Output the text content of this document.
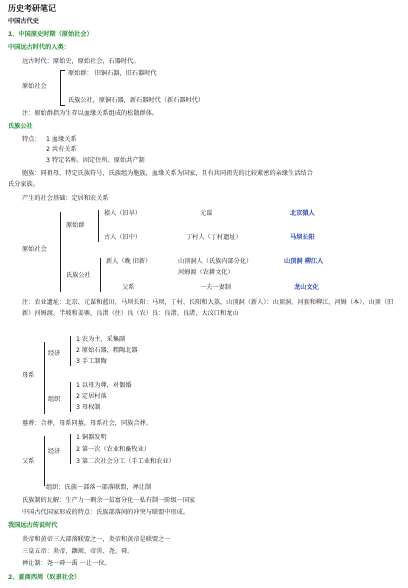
历史考研笔记
中国古代史
1、中国原史时期（原始社会）
中国远古时代的人类：
远古时代：原始史，原始社会，石器时代。
原始社会
原始群： 旧铜石器，旧石器时代
氏族公社，原铜石器，新石器时代（新石器时代）
注：原始群指为生存以血缘关系组成的松散群体。
氏族公社
特点： 1 血缘关系
2 共有关系
3 特定名称、固定住所、原始共产制
胞族：同祖母，特定氏族符号，氏族组为胞族，血缘关系为国家，且有共同祖先的比较紧密的亲缘生活结合
氏分家族。
产生的社会基础：定居和农关系
原始社会
原始群
猿人（旧早）	元谋	北京猿人
古人（旧中）	丁村人（丁村遗址）	马坝长阳
氏族公社
新人（晚 旧新）	山顶洞人（氏族内部分化）	山顶洞 柳江人
河姆渡（农耕文化）
父系	一夫一妻制	龙山文化
注：农业遗址：北京、元谋和蓝田，马坝长阳：马坝、丁村、长阳和大荔，山顶洞（新人）：山顶洞、河套和柳江，河姆（本）、山顶（旧新）河姆渡、半坡和姜寨，良渚（住）良（农）良：良渚、良渚、大汶口和龙山
母系
经济
1 农为主，采集副
2 原始石器，粗陶北器
3 手工制陶
组织
1 以母为尊，对偶婚
2 定居村落
3 母权制
墓葬：合葬，母系同墓，母系社会，同族合葬。
父系
经济
1 铜器发明
2 第一次（农业和畜牧业）
3 第二次社会分工（手工业和农业）
组织：氏族一部落一部落联盟，禅让制
氏族制的瓦解：生产力一剩余一贫富分化一私有制一阶级一国家
中国古代国家形成的特点：氏族部落间的冲突与联盟中形成。
我国远古传说时代
炎帝和黄帝三大部落联盟之一，炎帝和黄帝是联盟之一
三皇五帝：炎帝、颛顼、帝喾、尧、舜。
禅让制：尧一舜一禹 一让一位。
2、夏商西周（奴隶社会）
